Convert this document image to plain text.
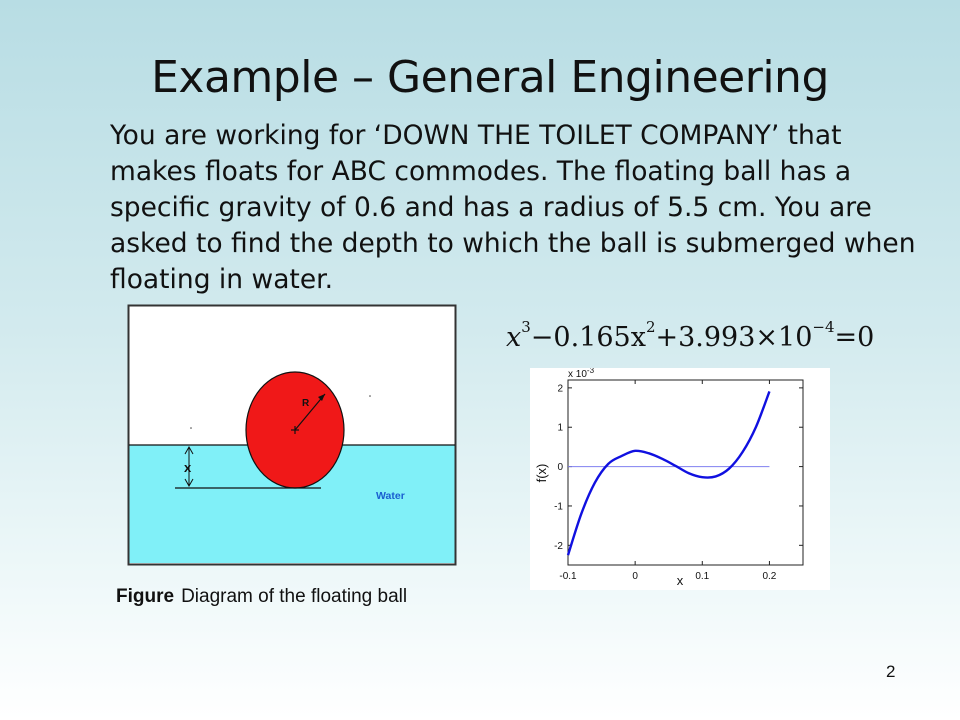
Example – General Engineering
You are working for ‘DOWN THE TOILET COMPANY’ that makes floats for ABC commodes. The floating ball has a specific gravity of 0.6 and has a radius of 5.5 cm. You are asked to find the depth to which the ball is submerged when floating in water.
R
x
Water
$x^3-0.165x^2+3.993\times 10^{-4}=0$
-0.1	0	0.1	0.2
2
1
0
-1
-2
x $10^{-3}$
x
f(x)
Figure Diagram of the floating ball
2
